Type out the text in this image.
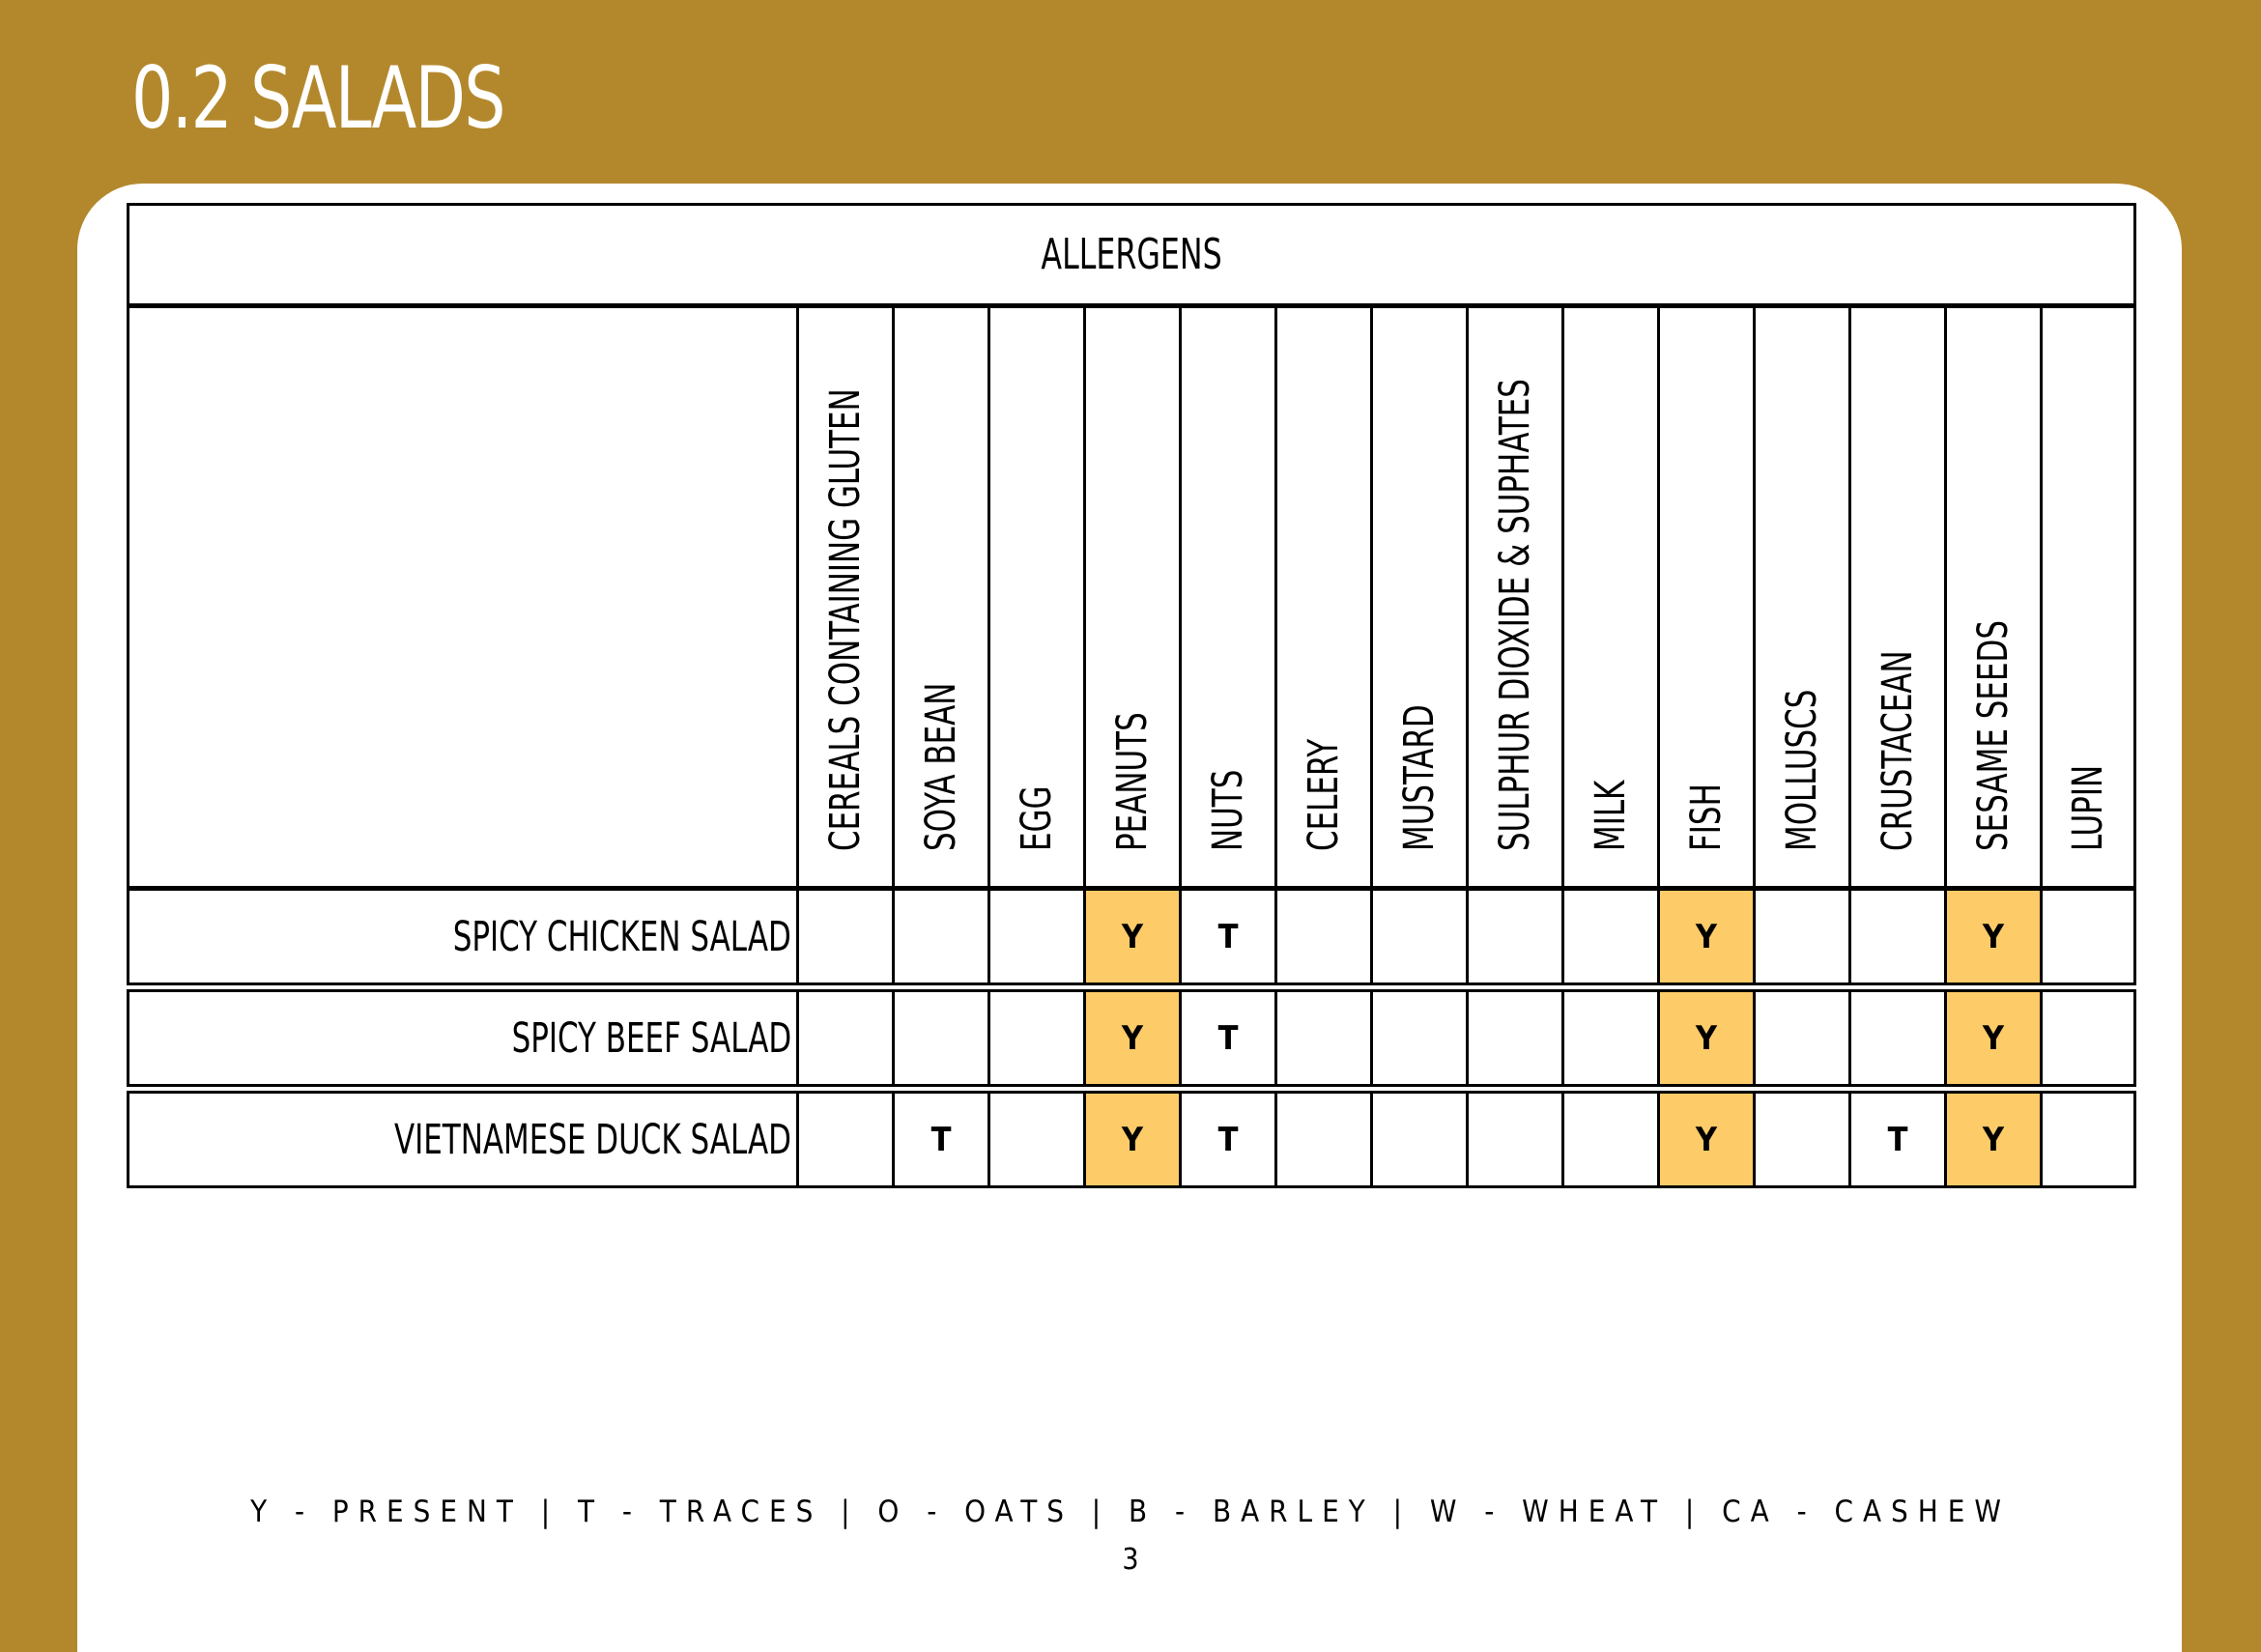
0.2 SALADS
ALLERGENS														

	CEREALS CONTAINING GLUTEN	SOYA BEAN	EGG	PEANUTS	NUTS	CELERY	MUSTARD	SULPHUR DIOXIDE & SUPHATES	MILK	FISH	MOLLUSCS	CRUSTACEAN	SESAME SEEDS	LUPIN

SPICY CHICKEN SALAD				Y	T					Y			Y	

SPICY BEEF SALAD				Y	T					Y			Y	

VIETNAMESE DUCK SALAD		T		Y	T					Y		T	Y	
Y - PRESENT | T - TRACES | O - OATS | B - BARLEY | W - WHEAT | CA - CASHEW
3
